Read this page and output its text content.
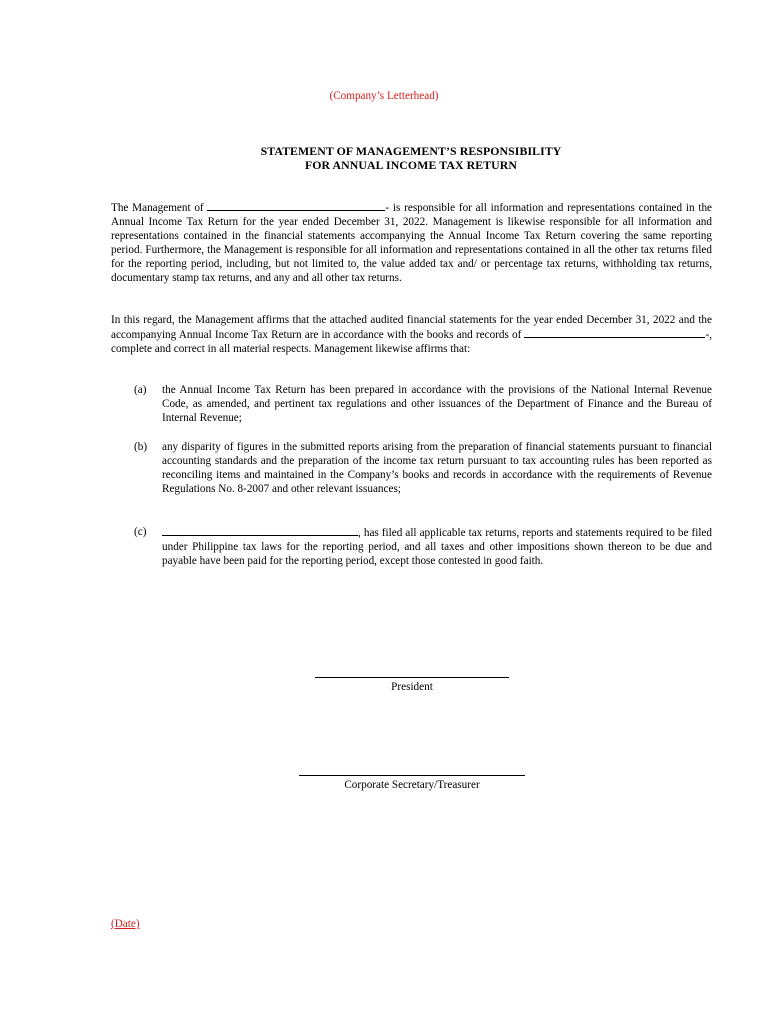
(Company’s Letterhead)
STATEMENT OF MANAGEMENT’S RESPONSIBILITY
FOR ANNUAL INCOME TAX RETURN
The Management of	- is responsible for all information and representations contained in the Annual Income Tax Return for the year ended December 31, 2022. Management is likewise responsible for all information and representations contained in the financial statements accompanying the Annual Income Tax Return covering the same reporting period. Furthermore, the Management is responsible for all information and representations contained in all the other tax returns filed for the reporting period, including, but not limited to, the value added tax and/ or percentage tax returns, withholding tax returns, documentary stamp tax returns, and any and all other tax returns.
In this regard, the Management affirms that the attached audited financial statements for the year ended December 31, 2022 and the accompanying Annual Income Tax Return are in accordance with the books and records of	-, complete and correct in all material respects. Management likewise affirms that:
(a) the Annual Income Tax Return has been prepared in accordance with the provisions of the National Internal Revenue Code, as amended, and pertinent tax regulations and other issuances of the Department of Finance and the Bureau of Internal Revenue;
(b) any disparity of figures in the submitted reports arising from the preparation of financial statements pursuant to financial accounting standards and the preparation of the income tax return pursuant to tax accounting rules has been reported as reconciling items and maintained in the Company’s books and records in accordance with the requirements of Revenue Regulations No. 8-2007 and other relevant issuances;
(c)	, has filed all applicable tax returns, reports and statements required to be filed under Philippine tax laws for the reporting period, and all taxes and other impositions shown thereon to be due and payable have been paid for the reporting period, except those contested in good faith.
President
Corporate Secretary/Treasurer
(Date)
